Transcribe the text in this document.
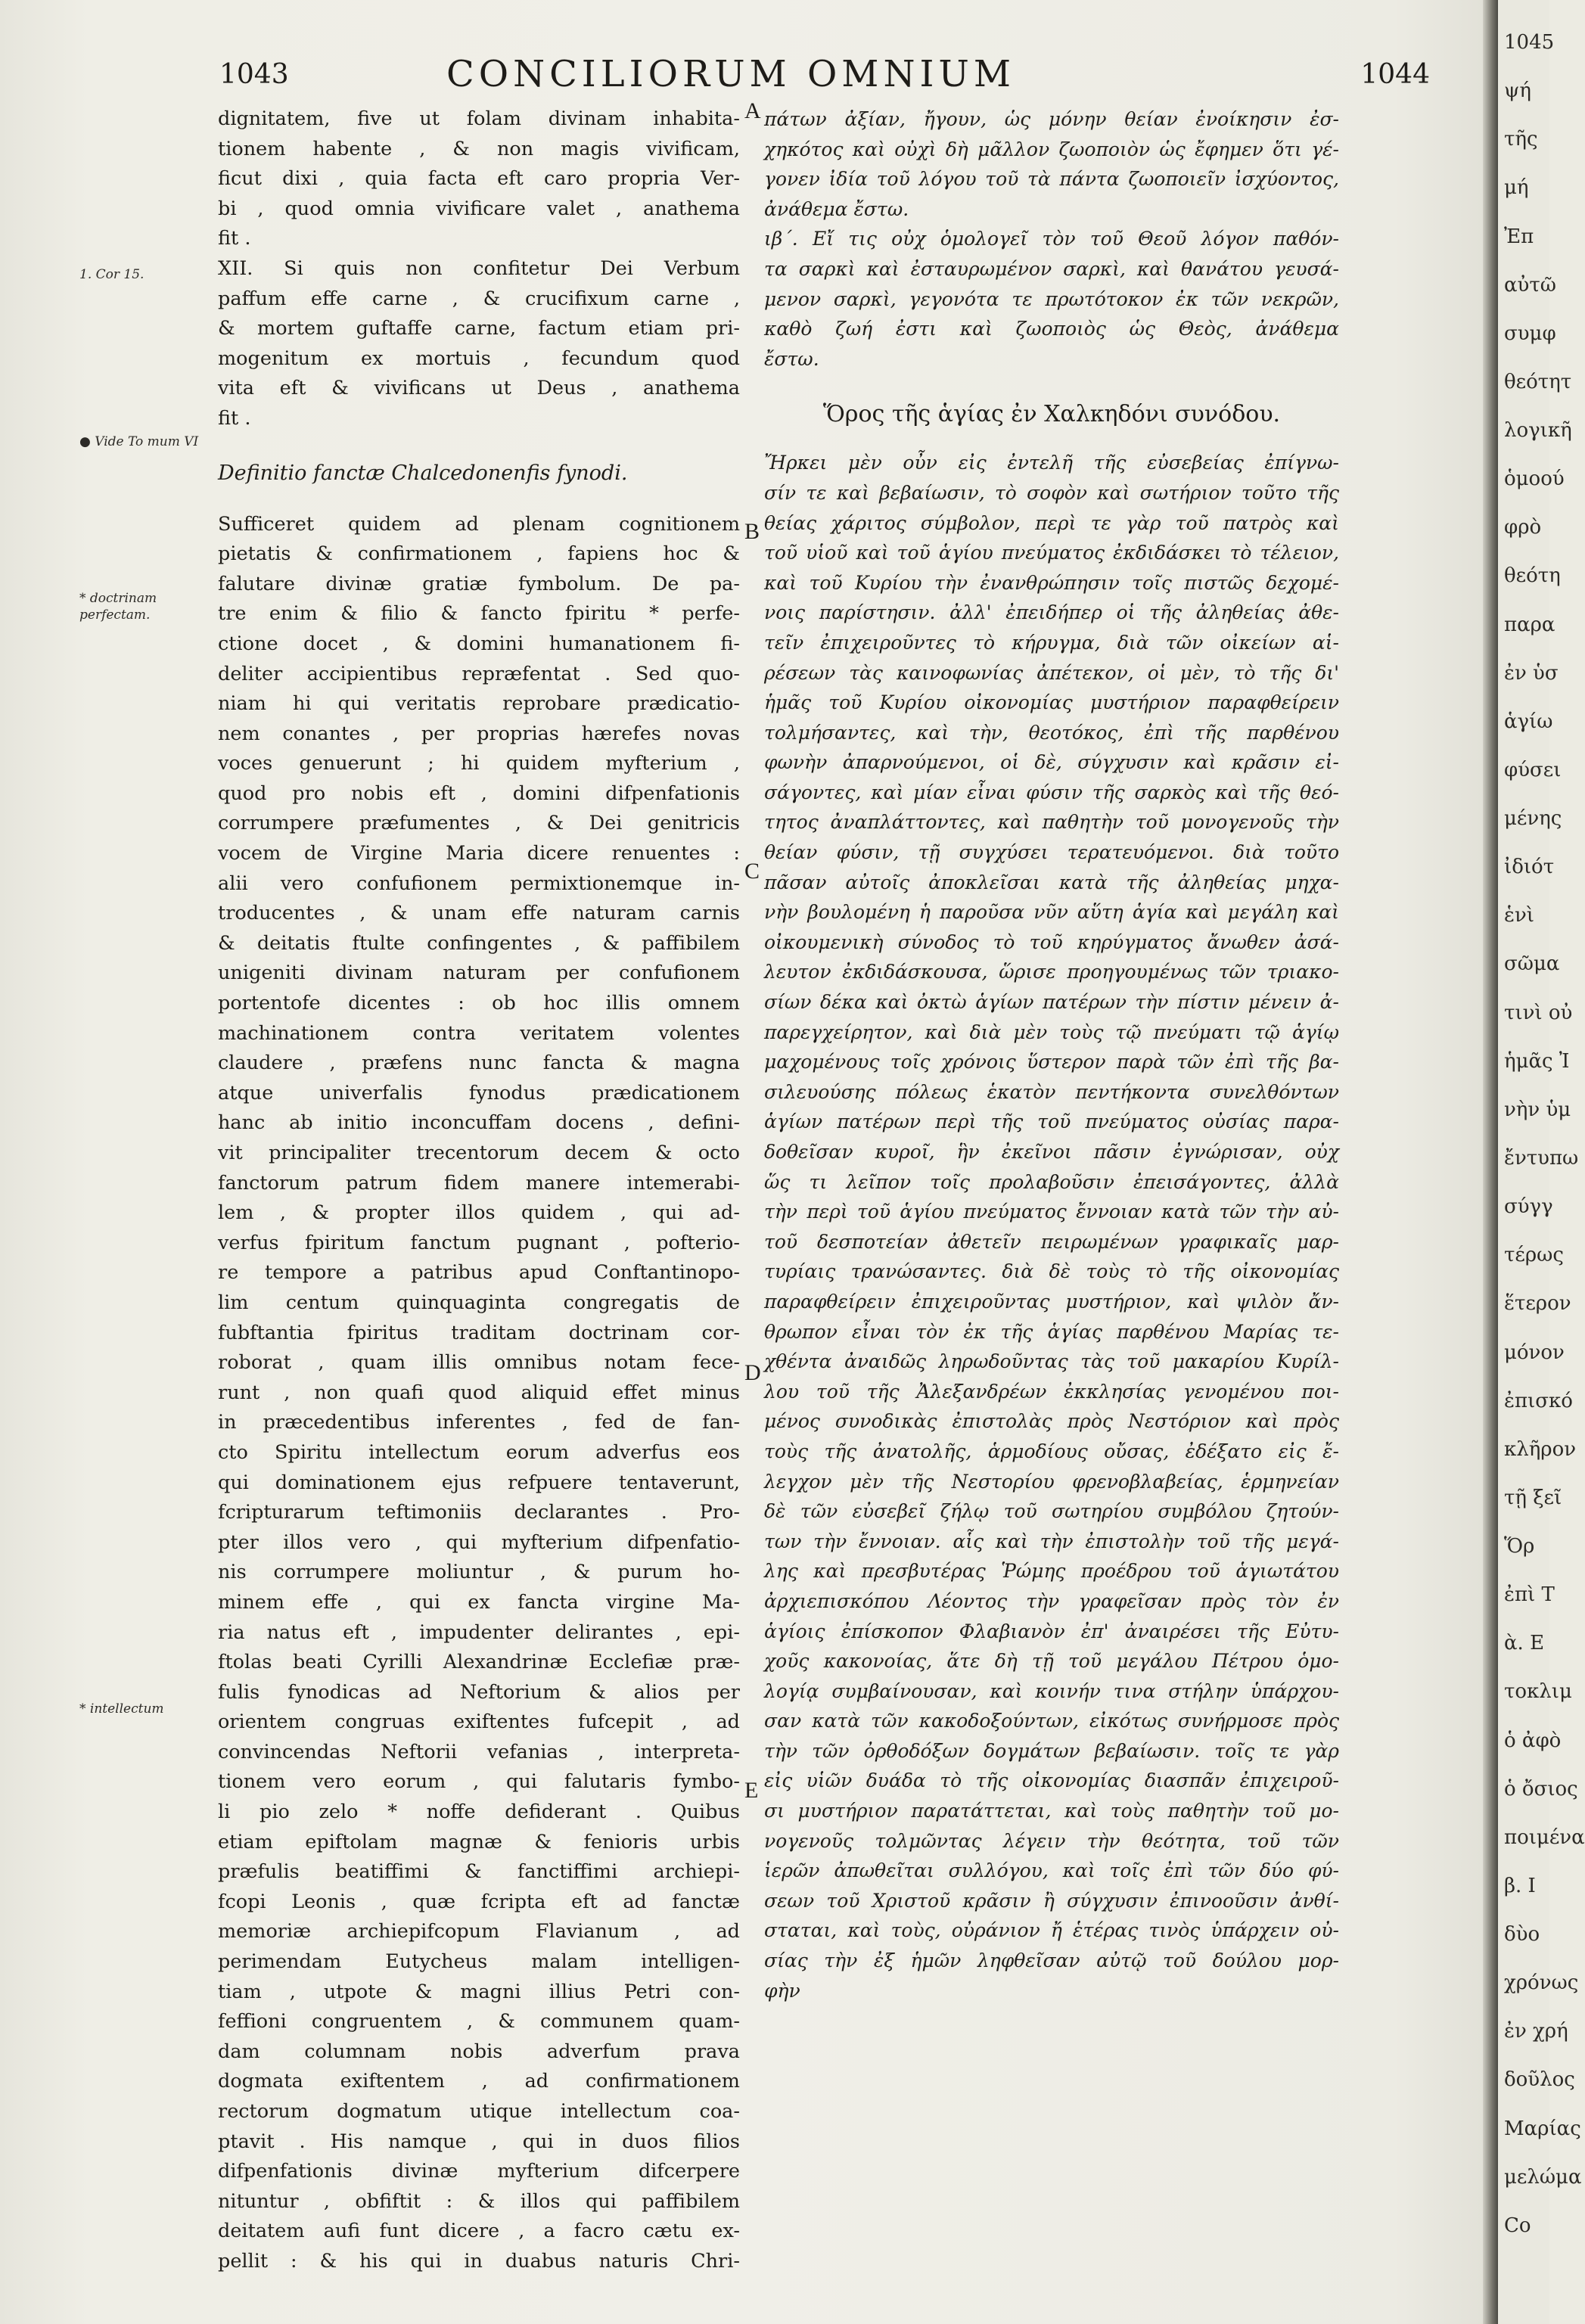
1043	CONCILIORUM OMNIUM	1044
1. Cor 15.
● Vide To mum VI
* doctrinam perfectam.
* intellectum
A
B
C
D
E
dignitatem, five ut folam divinam inhabita-
tionem habente , & non magis vivificam,
ficut dixi , quia facta eft caro propria Ver-
bi , quod omnia vivificare valet , anathema
fit .
XII. Si quis non confitetur Dei Verbum
paffum effe carne , & crucifixum carne ,
& mortem guftaffe carne, factum etiam pri-
mogenitum ex mortuis , fecundum quod
vita eft & vivificans ut Deus , anathema
fit .
Definitio fanctæ Chalcedonenfis fynodi.
Sufficeret quidem ad plenam cognitionem
pietatis & confirmationem , fapiens hoc &
falutare divinæ gratiæ fymbolum. De pa-
tre enim & filio & fancto fpiritu * perfe-
ctione docet , & domini humanationem fi-
deliter accipientibus repræfentat . Sed quo-
niam hi qui veritatis reprobare prædicatio-
nem conantes , per proprias hærefes novas
voces genuerunt ; hi quidem myfterium ,
quod pro nobis eft , domini difpenfationis
corrumpere præfumentes , & Dei genitricis
vocem de Virgine Maria dicere renuentes :
alii vero confufionem permixtionemque in-
troducentes , & unam effe naturam carnis
& deitatis ftulte confingentes , & paffibilem
unigeniti divinam naturam per confufionem
portentofe dicentes : ob hoc illis omnem
machinationem contra veritatem volentes
claudere , præfens nunc fancta & magna
atque univerfalis fynodus prædicationem
hanc ab initio inconcuffam docens , defini-
vit principaliter trecentorum decem & octo
fanctorum patrum fidem manere intemerabi-
lem , & propter illos quidem , qui ad-
verfus fpiritum fanctum pugnant , pofterio-
re tempore a patribus apud Conftantinopo-
lim centum quinquaginta congregatis de
fubftantia fpiritus traditam doctrinam cor-
roborat , quam illis omnibus notam fece-
runt , non quafi quod aliquid effet minus
in præcedentibus inferentes , fed de fan-
cto Spiritu intellectum eorum adverfus eos
qui dominationem ejus refpuere tentaverunt,
fcripturarum teftimoniis declarantes . Pro-
pter illos vero , qui myfterium difpenfatio-
nis corrumpere moliuntur , & purum ho-
minem effe , qui ex fancta virgine Ma-
ria natus eft , impudenter delirantes , epi-
ftolas beati Cyrilli Alexandrinæ Ecclefiæ præ-
fulis fynodicas ad Neftorium & alios per
orientem congruas exiftentes fufcepit , ad
convincendas Neftorii vefanias , interpreta-
tionem vero eorum , qui falutaris fymbo-
li pio zelo * noffe defiderant . Quibus
etiam epiftolam magnæ & fenioris urbis
præfulis beatiffimi & fanctiffimi archiepi-
fcopi Leonis , quæ fcripta eft ad fanctæ
memoriæ archiepifcopum Flavianum , ad
perimendam Eutycheus malam intelligen-
tiam , utpote & magni illius Petri con-
feffioni congruentem , & communem quam-
dam columnam nobis adverfum prava
dogmata exiftentem , ad confirmationem
rectorum dogmatum utique intellectum coa-
ptavit . His namque , qui in duos filios
difpenfationis divinæ myfterium difcerpere
nituntur , obfiftit : & illos qui paffibilem
deitatem aufi funt dicere , a facro cætu ex-
pellit : & his qui in duabus naturis Chri-
πάτων ἀξίαν, ἤγουν, ὡς μόνην θείαν ἐνοίκησιν ἐσ-
χηκότος καὶ οὐχὶ δὴ μᾶλλον ζωοποιὸν ὡς ἔφημεν ὅτι γέ-
γονεν ἰδία τοῦ λόγου τοῦ τὰ πάντα ζωοποιεῖν ἰσχύοντος,
ἀνάθεμα ἔστω.
ιβ΄. Εἴ τις οὐχ ὁμολογεῖ τὸν τοῦ Θεοῦ λόγον παθόν-
τα σαρκὶ καὶ ἐσταυρωμένον σαρκὶ, καὶ θανάτου γευσά-
μενον σαρκὶ, γεγονότα τε πρωτότοκον ἐκ τῶν νεκρῶν,
καθὸ ζωή ἐστι καὶ ζωοποιὸς ὡς Θεὸς, ἀνάθεμα
ἔστω.
Ὅρος τῆς ἁγίας ἐν Χαλκηδόνι συνόδου.
Ἤρκει μὲν οὖν εἰς ἐντελῆ τῆς εὐσεβείας ἐπίγνω-
σίν τε καὶ βεβαίωσιν, τὸ σοφὸν καὶ σωτήριον τοῦτο τῆς
θείας χάριτος σύμβολον, περὶ τε γὰρ τοῦ πατρὸς καὶ
τοῦ υἱοῦ καὶ τοῦ ἁγίου πνεύματος ἐκδιδάσκει τὸ τέλειον,
καὶ τοῦ Κυρίου τὴν ἐνανθρώπησιν τοῖς πιστῶς δεχομέ-
νοις παρίστησιν. ἀλλ' ἐπειδήπερ οἱ τῆς ἀληθείας ἀθε-
τεῖν ἐπιχειροῦντες τὸ κήρυγμα, διὰ τῶν οἰκείων αἱ-
ρέσεων τὰς καινοφωνίας ἀπέτεκον, οἱ μὲν, τὸ τῆς δι'
ἡμᾶς τοῦ Κυρίου οἰκονομίας μυστήριον παραφθείρειν
τολμήσαντες, καὶ τὴν, θεοτόκος, ἐπὶ τῆς παρθένου
φωνὴν ἀπαρνούμενοι, οἱ δὲ, σύγχυσιν καὶ κρᾶσιν εἰ-
σάγοντες, καὶ μίαν εἶναι φύσιν τῆς σαρκὸς καὶ τῆς θεό-
τητος ἀναπλάττοντες, καὶ παθητὴν τοῦ μονογενοῦς τὴν
θείαν φύσιν, τῇ συγχύσει τερατευόμενοι. διὰ τοῦτο
πᾶσαν αὐτοῖς ἀποκλεῖσαι κατὰ τῆς ἀληθείας μηχα-
νὴν βουλομένη ἡ παροῦσα νῦν αὕτη ἁγία καὶ μεγάλη καὶ
οἰκουμενικὴ σύνοδος τὸ τοῦ κηρύγματος ἄνωθεν ἀσά-
λευτον ἐκδιδάσκουσα, ὥρισε προηγουμένως τῶν τριακο-
σίων δέκα καὶ ὀκτὼ ἁγίων πατέρων τὴν πίστιν μένειν ἀ-
παρεγχείρητον, καὶ διὰ μὲν τοὺς τῷ πνεύματι τῷ ἁγίῳ
μαχομένους τοῖς χρόνοις ὕστερον παρὰ τῶν ἐπὶ τῆς βα-
σιλευούσης πόλεως ἑκατὸν πεντήκοντα συνελθόντων
ἁγίων πατέρων περὶ τῆς τοῦ πνεύματος οὐσίας παρα-
δοθεῖσαν κυροῖ, ἣν ἐκεῖνοι πᾶσιν ἐγνώρισαν, οὐχ
ὥς τι λεῖπον τοῖς προλαβοῦσιν ἐπεισάγοντες, ἀλλὰ
τὴν περὶ τοῦ ἁγίου πνεύματος ἔννοιαν κατὰ τῶν τὴν αὐ-
τοῦ δεσποτείαν ἀθετεῖν πειρωμένων γραφικαῖς μαρ-
τυρίαις τρανώσαντες. διὰ δὲ τοὺς τὸ τῆς οἰκονομίας
παραφθείρειν ἐπιχειροῦντας μυστήριον, καὶ ψιλὸν ἄν-
θρωπον εἶναι τὸν ἐκ τῆς ἁγίας παρθένου Μαρίας τε-
χθέντα ἀναιδῶς ληρωδοῦντας τὰς τοῦ μακαρίου Κυρίλ-
λου τοῦ τῆς Ἀλεξανδρέων ἐκκλησίας γενομένου ποι-
μένος συνοδικὰς ἐπιστολὰς πρὸς Νεστόριον καὶ πρὸς
τοὺς τῆς ἀνατολῆς, ἁρμοδίους οὔσας, ἐδέξατο εἰς ἔ-
λεγχον μὲν τῆς Νεστορίου φρενοβλαβείας, ἑρμηνείαν
δὲ τῶν εὐσεβεῖ ζήλῳ τοῦ σωτηρίου συμβόλου ζητούν-
των τὴν ἔννοιαν. αἷς καὶ τὴν ἐπιστολὴν τοῦ τῆς μεγά-
λης καὶ πρεσβυτέρας Ῥώμης προέδρου τοῦ ἁγιωτάτου
ἀρχιεπισκόπου Λέοντος τὴν γραφεῖσαν πρὸς τὸν ἐν
ἁγίοις ἐπίσκοπον Φλαβιανὸν ἐπ' ἀναιρέσει τῆς Εὐτυ-
χοῦς κακονοίας, ἅτε δὴ τῇ τοῦ μεγάλου Πέτρου ὁμο-
λογίᾳ συμβαίνουσαν, καὶ κοινήν τινα στήλην ὑπάρχου-
σαν κατὰ τῶν κακοδοξούντων, εἰκότως συνήρμοσε πρὸς
τὴν τῶν ὀρθοδόξων δογμάτων βεβαίωσιν. τοῖς τε γὰρ
εἰς υἱῶν δυάδα τὸ τῆς οἰκονομίας διασπᾶν ἐπιχειροῦ-
σι μυστήριον παρατάττεται, καὶ τοὺς παθητὴν τοῦ μο-
νογενοῦς τολμῶντας λέγειν τὴν θεότητα, τοῦ τῶν
ἱερῶν ἀπωθεῖται συλλόγου, καὶ τοῖς ἐπὶ τῶν δύο φύ-
σεων τοῦ Χριστοῦ κρᾶσιν ἢ σύγχυσιν ἐπινοοῦσιν ἀνθί-
σταται, καὶ τοὺς, οὐράνιον ἤ ἑτέρας τινὸς ὑπάρχειν οὐ-
σίας τὴν ἐξ ἡμῶν ληφθεῖσαν αὐτῷ τοῦ δούλου μορ-
φὴν
1045
ψή
τῆς
μή
Ἐπ
αὐτῶ
συμφ
θεότητ
λογικῆ
ὁμοού
φρὸ
θεότη
παρα
ἐν ὑσ
ἁγίω
φύσει
μένης
ἰδιότ
ἑνὶ
σῶμα
τινὶ οὐ
ἡμᾶς Ἰ
νὴν ὑμ
ἔντυπω
σύγγ
τέρως
ἕτερον
μόνον
ἐπισκό
κλῆρον
τῇ ξεῖ
Ὅρ
ἐπὶ Τ
ὰ. Ε
τοκλιμ
ὁ ἀφὸ
ὁ ὄσιος
ποιμένα
β. Ι
δὺο
χρόνως
ἐν χρή
δοῦλος
Μαρίας
μελώμα
Co
